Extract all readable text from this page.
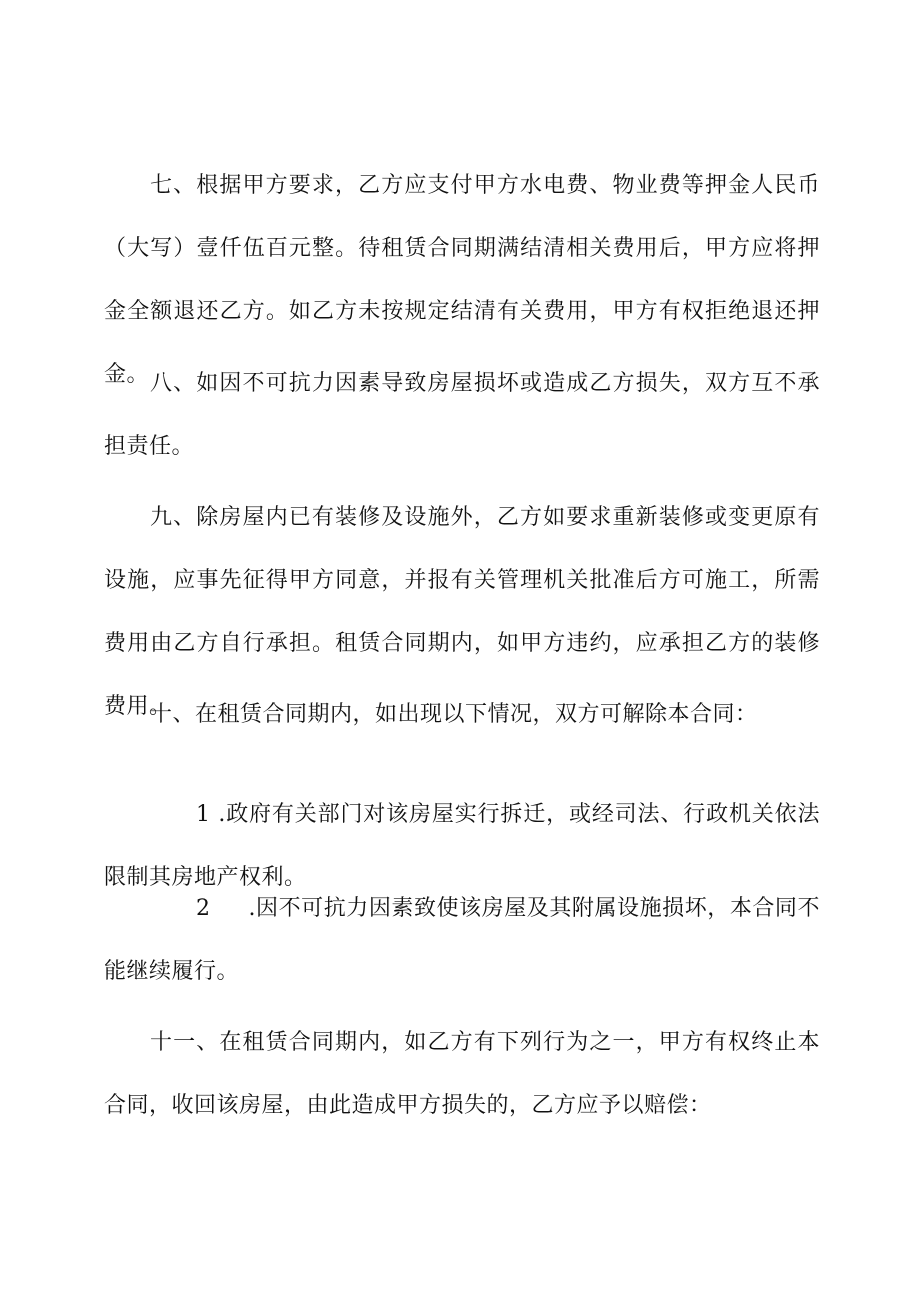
七、根据甲方要求，乙方应支付甲方水电费、物业费等押金人民币（大写）壹仟伍百元整。待租赁合同期满结清相关费用后，甲方应将押金全额退还乙方。如乙方未按规定结清有关费用，甲方有权拒绝退还押金。 八、如因不可抗力因素导致房屋损坏或造成乙方损失，双方互不承担责任。

九、除房屋内已有装修及设施外，乙方如要求重新装修或变更原有设施，应事先征得甲方同意，并报有关管理机关批准后方可施工，所需费用由乙方自行承担。租赁合同期内，如甲方违约，应承担乙方的装修费用。

十、在租赁合同期内，如出现以下情况，双方可解除本合同：

1 .政府有关部门对该房屋实行拆迁，或经司法、行政机关依法限制其房地产权利。

2 .因不可抗力因素致使该房屋及其附属设施损坏，本合同不能继续履行。

十一、在租赁合同期内，如乙方有下列行为之一，甲方有权终止本合同，收回该房屋，由此造成甲方损失的，乙方应予以赔偿：
